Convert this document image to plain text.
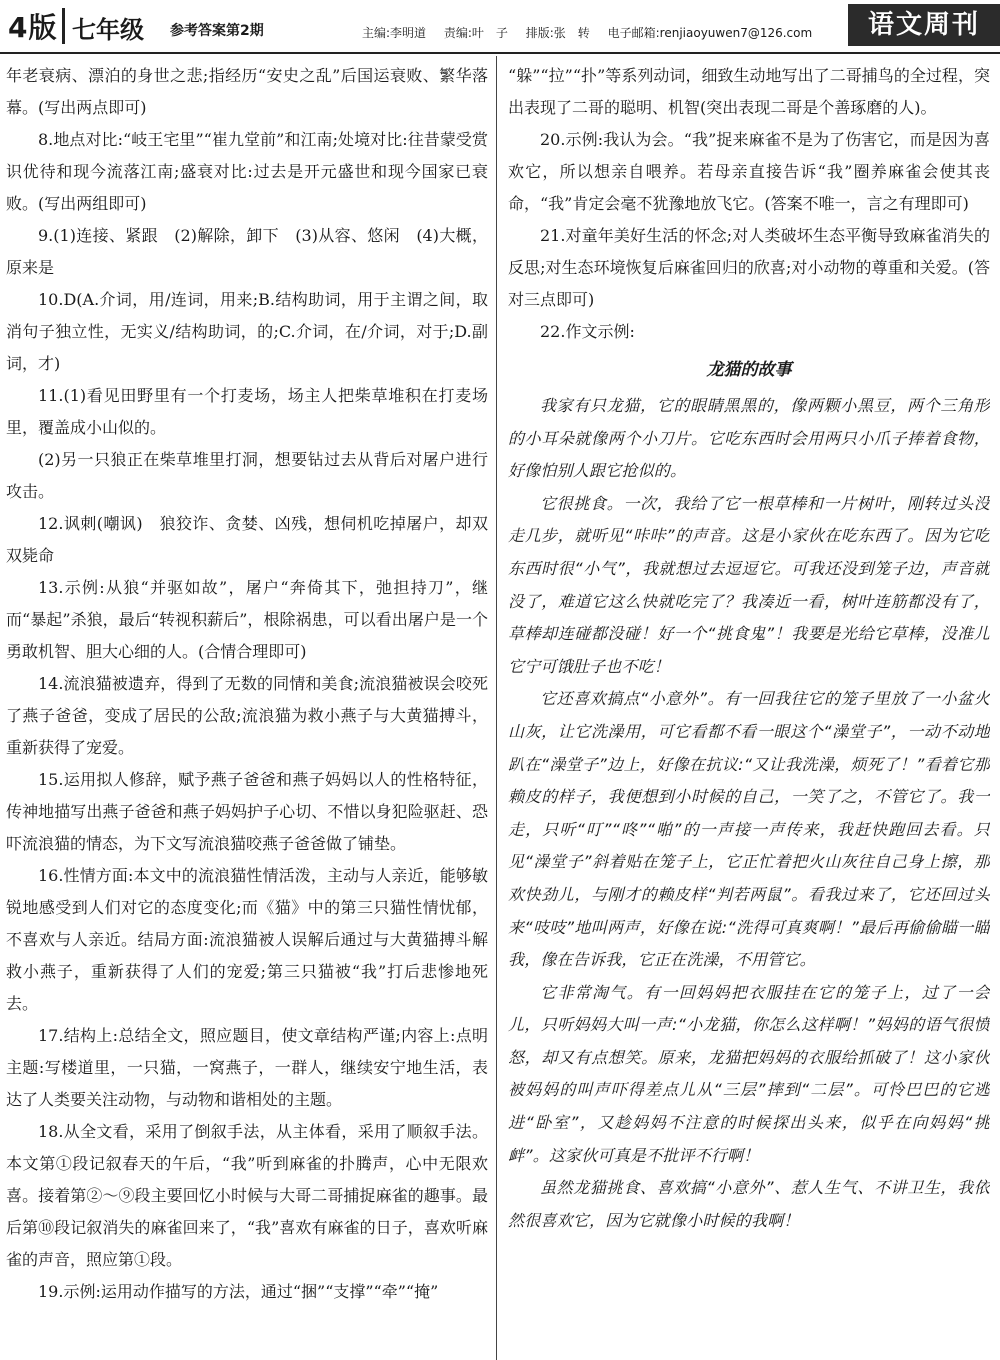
4版 七年级 参考答案第2期	主编:李明道 责编:叶　子 排版:张　转 电子邮箱:renjiaoyuwen7@126.com	语文周刊

年老衰病、漂泊的身世之悲;指经历“安史之乱”后国运衰败、繁华落幕。(写出两点即可)

8.地点对比:“岐王宅里”“崔九堂前”和江南;处境对比:往昔蒙受赏识优待和现今流落江南;盛衰对比:过去是开元盛世和现今国家已衰败。(写出两组即可)

9.(1)连接、紧跟　(2)解除，卸下　(3)从容、悠闲　(4)大概，原来是

10.D(A.介词，用/连词，用来;B.结构助词，用于主谓之间，取消句子独立性，无实义/结构助词，的;C.介词，在/介词，对于;D.副词，才)

11.(1)看见田野里有一个打麦场，场主人把柴草堆积在打麦场里，覆盖成小山似的。

(2)另一只狼正在柴草堆里打洞，想要钻过去从背后对屠户进行攻击。

12.讽刺(嘲讽)　狼狡诈、贪婪、凶残，想伺机吃掉屠户，却双双毙命

13.示例:从狼“并驱如故”，屠户“奔倚其下，弛担持刀”，继而“暴起”杀狼，最后“转视积薪后”，根除祸患，可以看出屠户是一个勇敢机智、胆大心细的人。(合情合理即可)

14.流浪猫被遗弃，得到了无数的同情和美食;流浪猫被误会咬死了燕子爸爸，变成了居民的公敌;流浪猫为救小燕子与大黄猫搏斗，重新获得了宠爱。

15.运用拟人修辞，赋予燕子爸爸和燕子妈妈以人的性格特征，传神地描写出燕子爸爸和燕子妈妈护子心切、不惜以身犯险驱赶、恐吓流浪猫的情态，为下文写流浪猫咬燕子爸爸做了铺垫。

16.性情方面:本文中的流浪猫性情活泼，主动与人亲近，能够敏锐地感受到人们对它的态度变化;而《猫》中的第三只猫性情忧郁，不喜欢与人亲近。结局方面:流浪猫被人误解后通过与大黄猫搏斗解救小燕子，重新获得了人们的宠爱;第三只猫被“我”打后悲惨地死去。

17.结构上:总结全文，照应题目，使文章结构严谨;内容上:点明主题:写楼道里，一只猫，一窝燕子，一群人，继续安宁地生活，表达了人类要关注动物，与动物和谐相处的主题。

18.从全文看，采用了倒叙手法，从主体看，采用了顺叙手法。本文第①段记叙春天的午后，“我”听到麻雀的扑腾声，心中无限欢喜。接着第②～⑨段主要回忆小时候与大哥二哥捕捉麻雀的趣事。最后第⑩段记叙消失的麻雀回来了，“我”喜欢有麻雀的日子，喜欢听麻雀的声音，照应第①段。

19.示例:运用动作描写的方法，通过“捆”“支撑”“牵”“掩”

“躲”“拉”“扑”等系列动词，细致生动地写出了二哥捕鸟的全过程，突出表现了二哥的聪明、机智(突出表现二哥是个善琢磨的人)。

20.示例:我认为会。“我”捉来麻雀不是为了伤害它，而是因为喜欢它，所以想亲自喂养。若母亲直接告诉“我”圈养麻雀会使其丧命，“我”肯定会毫不犹豫地放飞它。(答案不唯一，言之有理即可)

21.对童年美好生活的怀念;对人类破坏生态平衡导致麻雀消失的反思;对生态环境恢复后麻雀回归的欣喜;对小动物的尊重和关爱。(答对三点即可)

22.作文示例:

龙猫的故事

我家有只龙猫，它的眼睛黑黑的，像两颗小黑豆，两个三角形的小耳朵就像两个小刀片。它吃东西时会用两只小爪子捧着食物，好像怕别人跟它抢似的。

它很挑食。一次，我给了它一根草棒和一片树叶，刚转过头没走几步，就听见“咔咔”的声音。这是小家伙在吃东西了。因为它吃东西时很“小气”，我就想过去逗逗它。可我还没到笼子边，声音就没了，难道它这么快就吃完了？我凑近一看，树叶连筋都没有了，草棒却连碰都没碰！好一个“挑食鬼”！我要是光给它草棒，没准儿它宁可饿肚子也不吃！

它还喜欢搞点“小意外”。有一回我往它的笼子里放了一小盆火山灰，让它洗澡用，可它看都不看一眼这个“澡堂子”，一动不动地趴在“澡堂子”边上，好像在抗议:“又让我洗澡，烦死了！”看着它那赖皮的样子，我便想到小时候的自己，一笑了之，不管它了。我一走，只听“叮”“咚”“啪”的一声接一声传来，我赶快跑回去看。只见“澡堂子”斜着贴在笼子上，它正忙着把火山灰往自己身上擦，那欢快劲儿，与刚才的赖皮样“判若两鼠”。看我过来了，它还回过头来“吱吱”地叫两声，好像在说:“洗得可真爽啊！”最后再偷偷瞄一瞄我，像在告诉我，它正在洗澡，不用管它。

它非常淘气。有一回妈妈把衣服挂在它的笼子上，过了一会儿，只听妈妈大叫一声:“小龙猫，你怎么这样啊！”妈妈的语气很愤怒，却又有点想笑。原来，龙猫把妈妈的衣服给抓破了！这小家伙被妈妈的叫声吓得差点儿从“三层”摔到“二层”。可怜巴巴的它逃进“卧室”，又趁妈妈不注意的时候探出头来，似乎在向妈妈“挑衅”。这家伙可真是不批评不行啊！

虽然龙猫挑食、喜欢搞“小意外”、惹人生气、不讲卫生，我依然很喜欢它，因为它就像小时候的我啊！
